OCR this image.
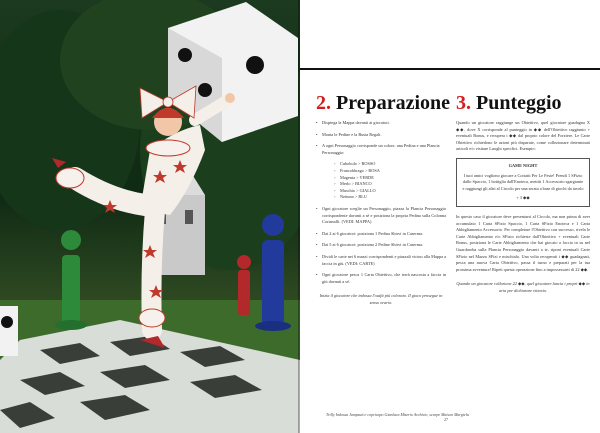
2. Preparazione
• Dispiega la Mappa davanti ai giocatori.
• Monta le Pedine e la Busta Regali.
• A ogni Personaggio corrisponde un colore, una Pedina e una Plancia Personaggio:
◦ Cubobolo > ROSSO
◦ Francobbrago > ROSA
◦ Magenta > VERDE
◦ Merlo > BIANCO
◦ Muschio > GIALLO
◦ Nettuno > BLU
• Ogni giocatore sceglie un Personaggio, piazza la Plancia Personaggio corrispondente davanti a sé e posiziona la propria Pedina sulla Colonna Corianolli. (VEDI: MAPPA)
• Dai 2 ai 6 giocatori: posiziona 1 Pedina Shirvi in Caserma.
• Dai 5 ai 6 giocatori: posiziona 2 Pedine Shirvi in Caserma.
• Dividi le carte nei 6 mazzi corrispondenti e piazzali vicino alla Mappa a faccia in giù. (VEDI: CARTE)
• Ogni giocatore pesca 1 Carta Obiettivo, che terrà nascosta a faccia in giù davanti a sé.

Inizia il giocatore che indossa l'outfit più colorato. Il gioco prosegue in senso orario.

3. Punteggio

Quando un giocatore raggiunge un Obiettivo, quel giocatore guadagna X ◆◆, dove X corrisponde al punteggio in ◆◆ dell'Obiettivo raggiunto + eventuali Bonus, e recupera i ◆◆ dal proprio colore del Forziere. Le Carte Obiettivo richiedono le azioni più disparate, come collezionare determinati articoli e/o visitare Luoghi specifici. Esempio:

GAME NIGHT
I tuoi amici vogliono giocare a Coriatti Per Le Feste! Prendi 1 SFizio dallo Spaccio, 1 bottiglia dall'Enoteca, mettiti 1 Accessorio sgargiante e raggiungi gli altri al Circolo per una serata a base di giochi da tavolo
+ 3 ◆◆

In questo caso il giocatore deve presentarsi al Circolo, ma non prima di aver accumulato 1 Carta SFizio Spaccio, 1 Carta SFizio Enoteca e 1 Carta Abbigliamento Accessorio. Per completare l'Obiettivo con successo, rivela le Carte Abbigliamento e/o SFizio richieste dall'Obiettivo + eventuali Carte Bonus, posiziona le Carte Abbigliamento che hai giocato a faccia in su nel Guardaroba sulla Plancia Personaggio davanti a te, riponi eventuali Carte SFizio nel Mazzo SFizi e mischialo. Una volta recuperati i ◆◆ guadagnati, pesca una nuova Carta Obiettivo, passa il turno e preparati per la tua prossima avventura! Ripeti questa operazione fino a impossessarti di 22 ◆◆.

Quando un giocatore collezione 22 ◆◆, quel giocatore lancia i propri ◆◆ in aria per dichiarare vittoria.

Trilly Indossa Jumpsuit e copricapo Gianluca Miserio Archivio, scarpe Maison Margiela
27
